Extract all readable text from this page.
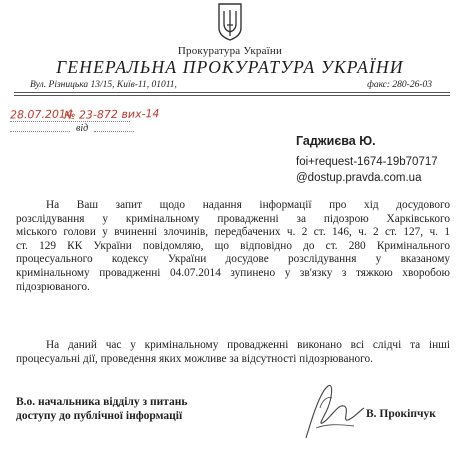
Прокуратура України
ГЕНЕРАЛЬНА ПРОКУРАТУРА УКРАЇНИ
Вул. Різницька 13/15, Київ-11, 01011,	факс: 280-26-03
28.07.2014
№ 23-872 вих-14
від
Гаджиєва Ю.
foi+request-1674-19b70717
@dostup.pravda.com.ua
На Ваш запит щодо надання інформації про хід досудового
розслідування у кримінальному провадженні за підозрою Харківського
міського голови у вчиненні злочинів, передбачених ч. 2 ст. 146, ч. 2 ст. 127, ч. 1
ст. 129 КК України повідомляю, що відповідно до ст. 280 Кримінального
процесуального кодексу України досудове розслідування у вказаному
кримінальному провадженні 04.07.2014 зупинено у зв'язку з тяжкою хворобою
підозрюваного.
На даний час у кримінальному провадженні виконано всі слідчі та інші
процесуальні дії, проведення яких можливе за відсутності підозрюваного.
В.о. начальника відділу з питань
доступу до публічної інформації	В. Прокіпчук
